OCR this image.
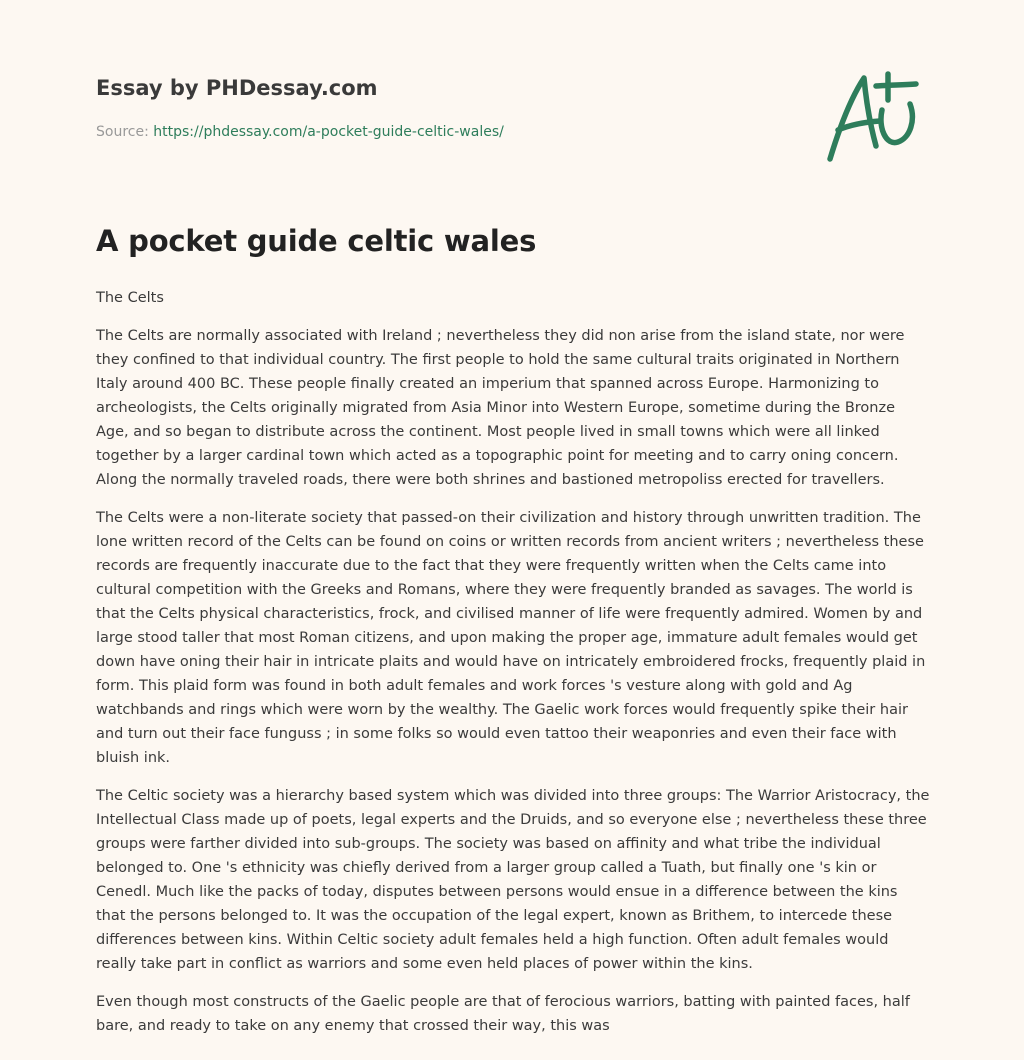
Essay by PHDessay.com
Source: https://phdessay.com/a-pocket-guide-celtic-wales/
A pocket guide celtic wales

The Celts

The Celts are normally associated with Ireland ; nevertheless they did non arise from the island state, nor were they confined to that individual country. The first people to hold the same cultural traits originated in Northern Italy around 400 BC. These people finally created an imperium that spanned across Europe. Harmonizing to archeologists, the Celts originally migrated from Asia Minor into Western Europe, sometime during the Bronze Age, and so began to distribute across the continent. Most people lived in small towns which were all linked together by a larger cardinal town which acted as a topographic point for meeting and to carry oning concern. Along the normally traveled roads, there were both shrines and bastioned metropoliss erected for travellers.

The Celts were a non-literate society that passed-on their civilization and history through unwritten tradition. The lone written record of the Celts can be found on coins or written records from ancient writers ; nevertheless these records are frequently inaccurate due to the fact that they were frequently written when the Celts came into cultural competition with the Greeks and Romans, where they were frequently branded as savages. The world is that the Celts physical characteristics, frock, and civilised manner of life were frequently admired. Women by and large stood taller that most Roman citizens, and upon making the proper age, immature adult females would get down have oning their hair in intricate plaits and would have on intricately embroidered frocks, frequently plaid in form. This plaid form was found in both adult females and work forces 's vesture along with gold and Ag watchbands and rings which were worn by the wealthy. The Gaelic work forces would frequently spike their hair and turn out their face funguss ; in some folks so would even tattoo their weaponries and even their face with bluish ink.

The Celtic society was a hierarchy based system which was divided into three groups: The Warrior Aristocracy, the Intellectual Class made up of poets, legal experts and the Druids, and so everyone else ; nevertheless these three groups were farther divided into sub-groups. The society was based on affinity and what tribe the individual belonged to. One 's ethnicity was chiefly derived from a larger group called a Tuath, but finally one 's kin or Cenedl. Much like the packs of today, disputes between persons would ensue in a difference between the kins that the persons belonged to. It was the occupation of the legal expert, known as Brithem, to intercede these differences between kins. Within Celtic society adult females held a high function. Often adult females would really take part in conflict as warriors and some even held places of power within the kins.

Even though most constructs of the Gaelic people are that of ferocious warriors, batting with painted faces, half bare, and ready to take on any enemy that crossed their way, this was
